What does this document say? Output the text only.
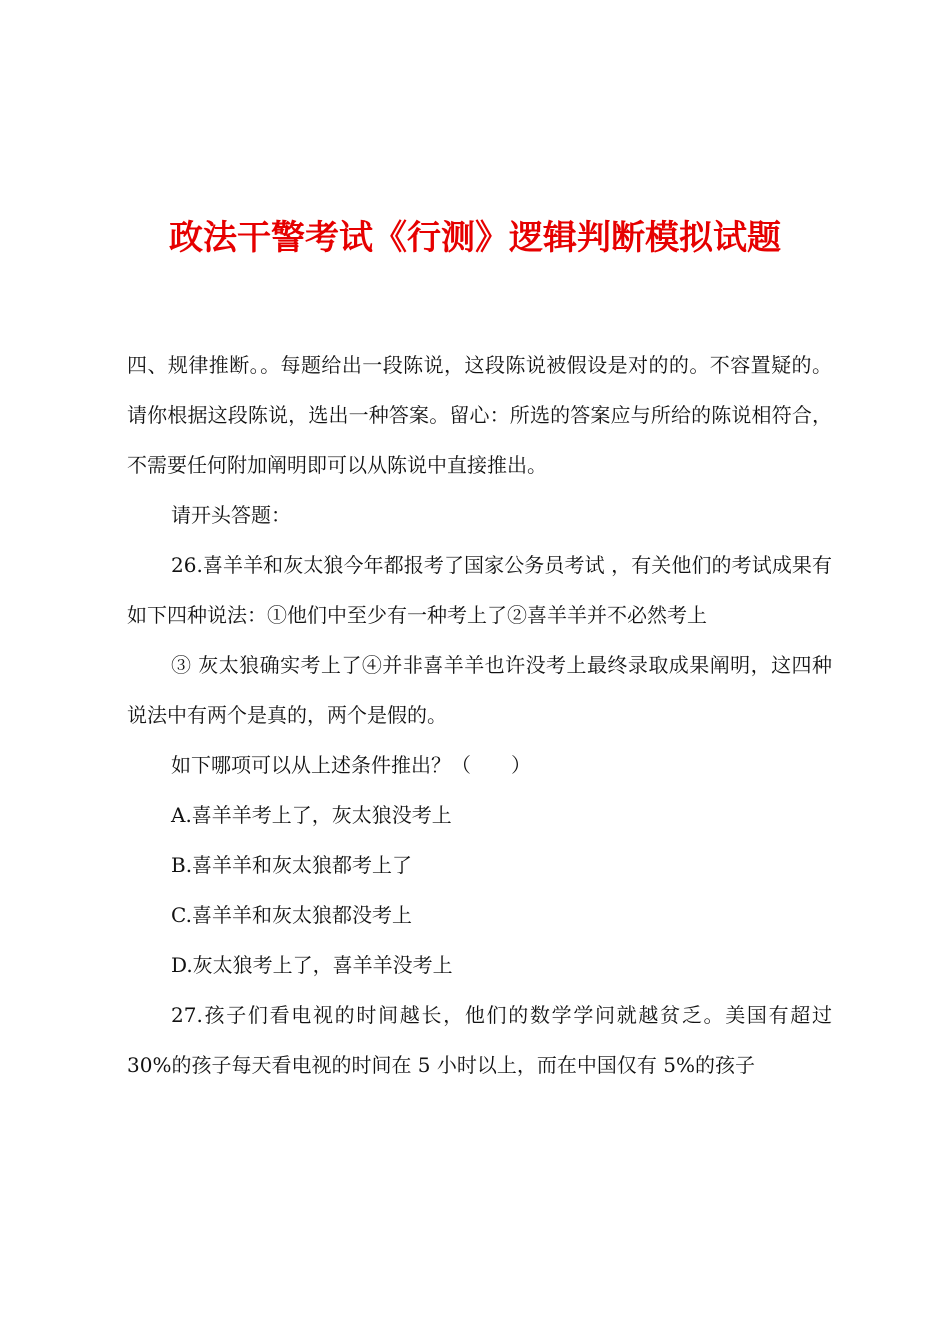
政法干警考试《行测》逻辑判断模拟试题

四、规律推断。。每题给出一段陈说，这段陈说被假设是对的的。不容置疑的。请你根据这段陈说，选出一种答案。留心：所选的答案应与所给的陈说相符合，不需要任何附加阐明即可以从陈说中直接推出。

请开头答题：

26.喜羊羊和灰太狼今年都报考了国家公务员考试 ，有关他们的考试成果有如下四种说法：①他们中至少有一种考上了②喜羊羊并不必然考上

③ 灰太狼确实考上了④并非喜羊羊也许没考上最终录取成果阐明，这四种说法中有两个是真的，两个是假的。

如下哪项可以从上述条件推出？（　　）

A.喜羊羊考上了，灰太狼没考上

B.喜羊羊和灰太狼都考上了

C.喜羊羊和灰太狼都没考上

D.灰太狼考上了，喜羊羊没考上

27.孩子们看电视的时间越长，他们的数学学问就越贫乏。美国有超过 30%的孩子每天看电视的时间在 5 小时以上，而在中国仅有 5%的孩子
